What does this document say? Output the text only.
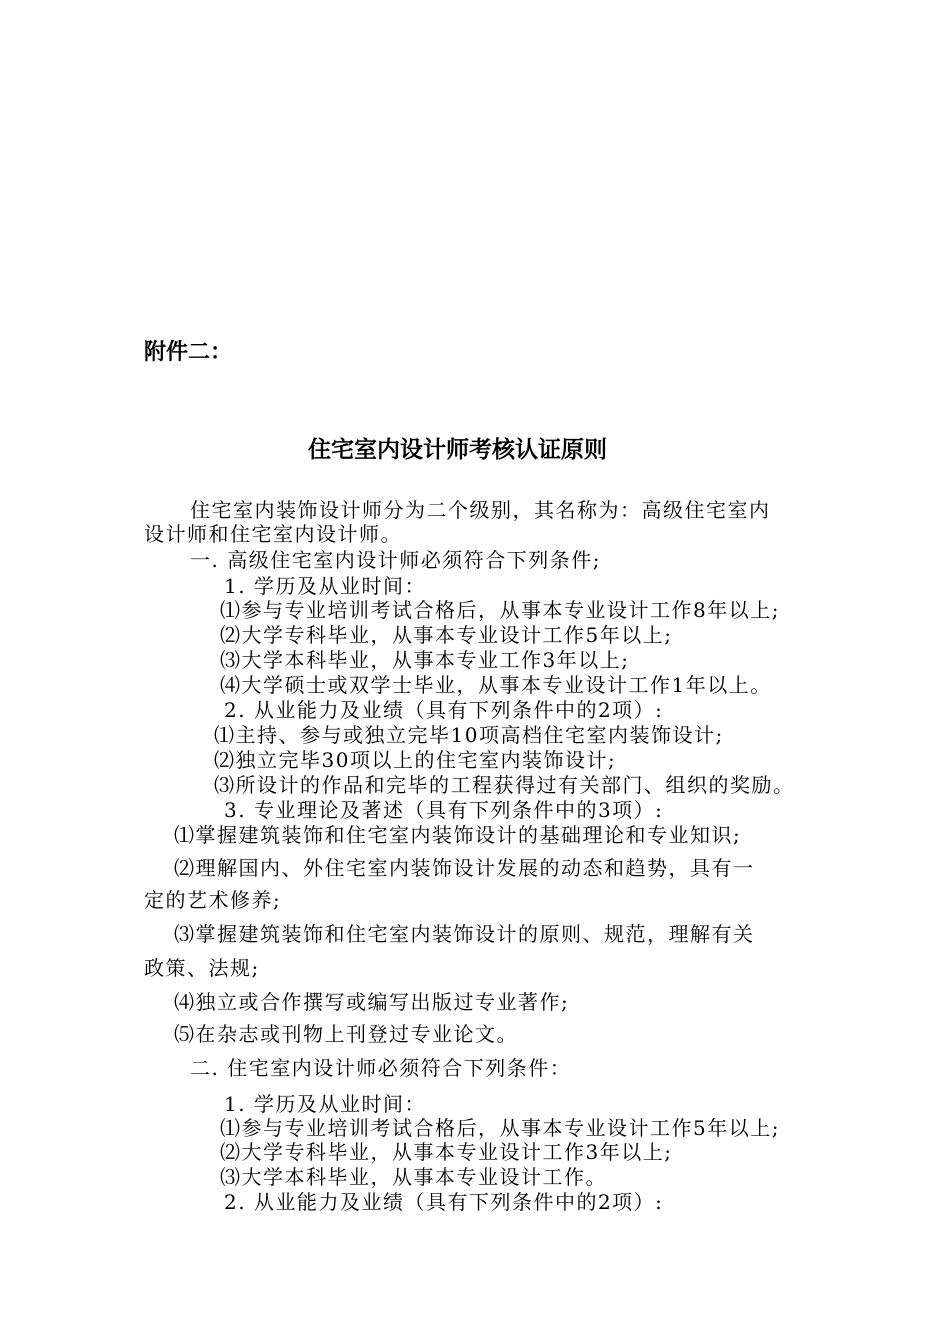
附件二：
住宅室内设计师考核认证原则
住宅室内装饰设计师分为二个级别，其名称为：高级住宅室内
设计师和住宅室内设计师。
一. 高级住宅室内设计师必须符合下列条件;
1. 学历及从业时间：
⑴参与专业培训考试合格后，从事本专业设计工作8年以上;
⑵大学专科毕业，从事本专业设计工作5年以上;
⑶大学本科毕业，从事本专业工作3年以上;
⑷大学硕士或双学士毕业，从事本专业设计工作1年以上。
2. 从业能力及业绩（具有下列条件中的2项）:
⑴主持、参与或独立完毕10项高档住宅室内装饰设计;
⑵独立完毕30项以上的住宅室内装饰设计;
⑶所设计的作品和完毕的工程获得过有关部门、组织的奖励。
3. 专业理论及著述（具有下列条件中的3项）:
⑴掌握建筑装饰和住宅室内装饰设计的基础理论和专业知识;
⑵理解国内、外住宅室内装饰设计发展的动态和趋势，具有一
定的艺术修养;
⑶掌握建筑装饰和住宅室内装饰设计的原则、规范，理解有关
政策、法规;
⑷独立或合作撰写或编写出版过专业著作;
⑸在杂志或刊物上刊登过专业论文。
二. 住宅室内设计师必须符合下列条件：
1. 学历及从业时间：
⑴参与专业培训考试合格后，从事本专业设计工作5年以上;
⑵大学专科毕业，从事本专业设计工作3年以上;
⑶大学本科毕业，从事本专业设计工作。
2. 从业能力及业绩（具有下列条件中的2项）:
